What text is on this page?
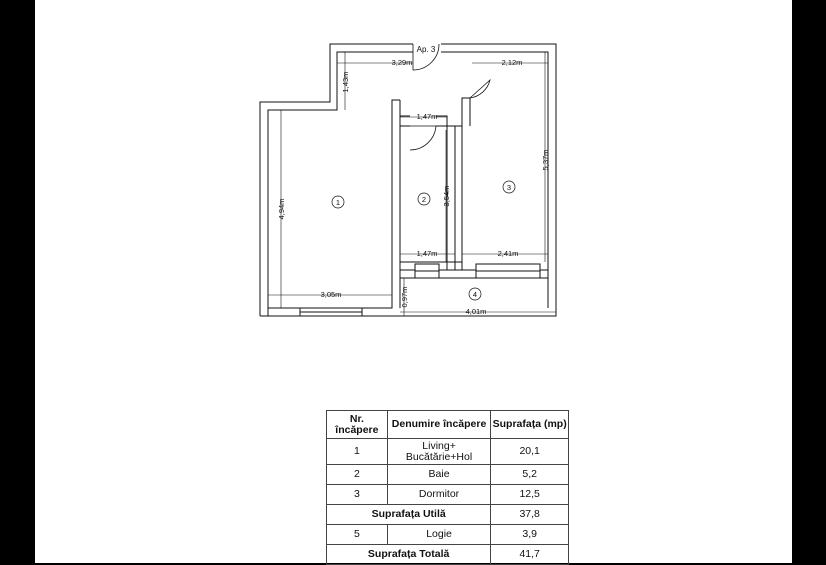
3,29m	2,12m
1,43m
1,47m
4,94m
3,54m
5,37m
1,47m	2,41m
3,05m	0,97m
4,01m
Ap. 3
1	2
3
4
Nr. încăpere	Denumire încăpere	Suprafața (mp)
1	Living+ Bucătărie+Hol	20,1
2	Baie	5,2
3	Dormitor	12,5
Suprafața Utilă		37,8
5	Logie	3,9
Suprafața Totală		41,7
